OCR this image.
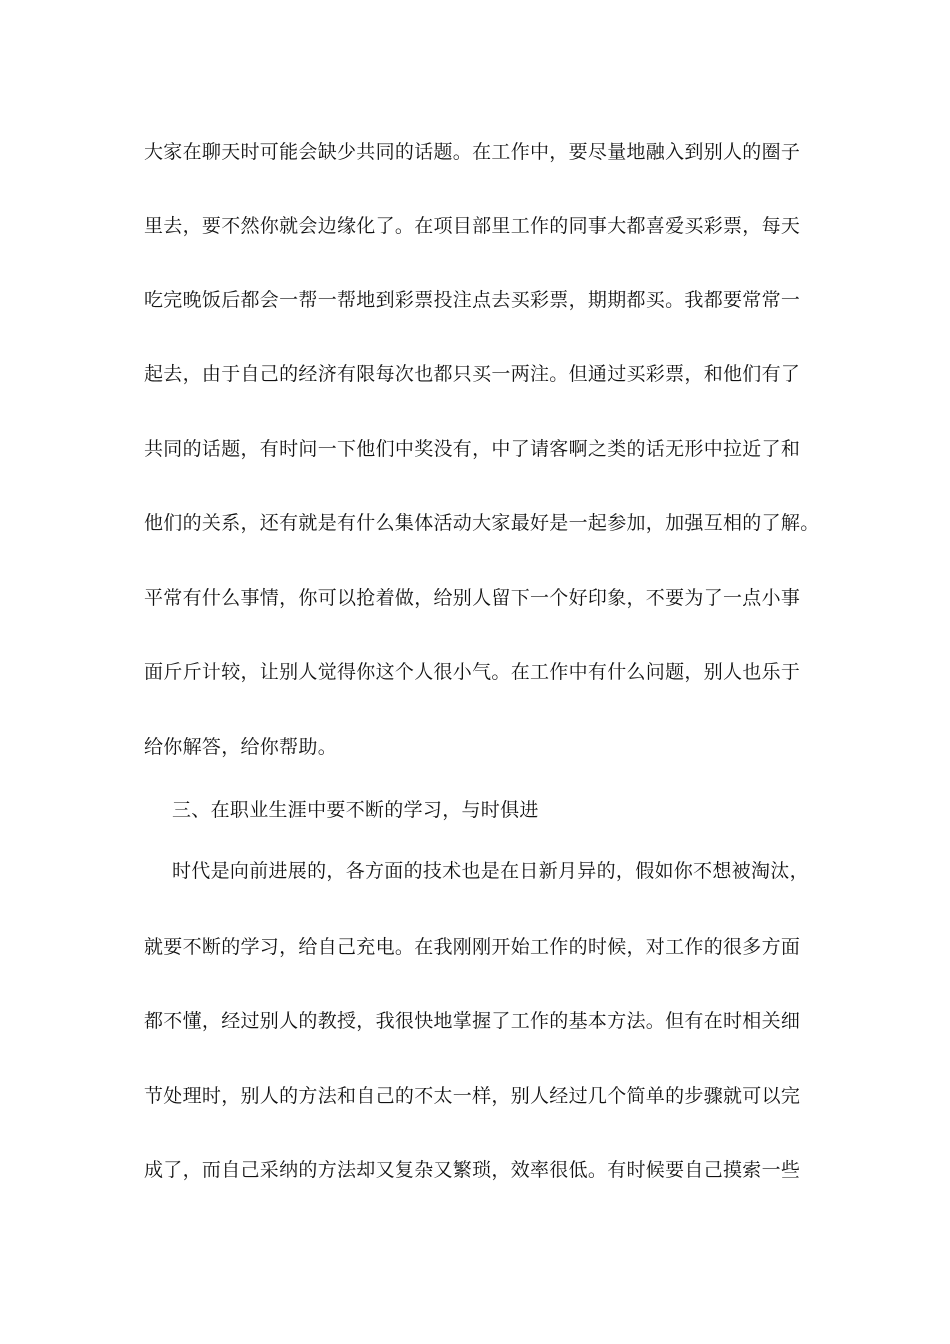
大家在聊天时可能会缺少共同的话题。在工作中，要尽量地融入到别人的圈子
里去，要不然你就会边缘化了。在项目部里工作的同事大都喜爱买彩票，每天
吃完晚饭后都会一帮一帮地到彩票投注点去买彩票，期期都买。我都要常常一
起去，由于自己的经济有限每次也都只买一两注。但通过买彩票，和他们有了
共同的话题，有时问一下他们中奖没有，中了请客啊之类的话无形中拉近了和
他们的关系，还有就是有什么集体活动大家最好是一起参加，加强互相的了解。
平常有什么事情，你可以抢着做，给别人留下一个好印象，不要为了一点小事
面斤斤计较，让别人觉得你这个人很小气。在工作中有什么问题，别人也乐于
给你解答，给你帮助。
三、在职业生涯中要不断的学习，与时俱进
时代是向前进展的，各方面的技术也是在日新月异的，假如你不想被淘汰，
就要不断的学习，给自己充电。在我刚刚开始工作的时候，对工作的很多方面
都不懂，经过别人的教授，我很快地掌握了工作的基本方法。但有在时相关细
节处理时，别人的方法和自己的不太一样，别人经过几个简单的步骤就可以完
成了，而自己采纳的方法却又复杂又繁琐，效率很低。有时候要自己摸索一些
